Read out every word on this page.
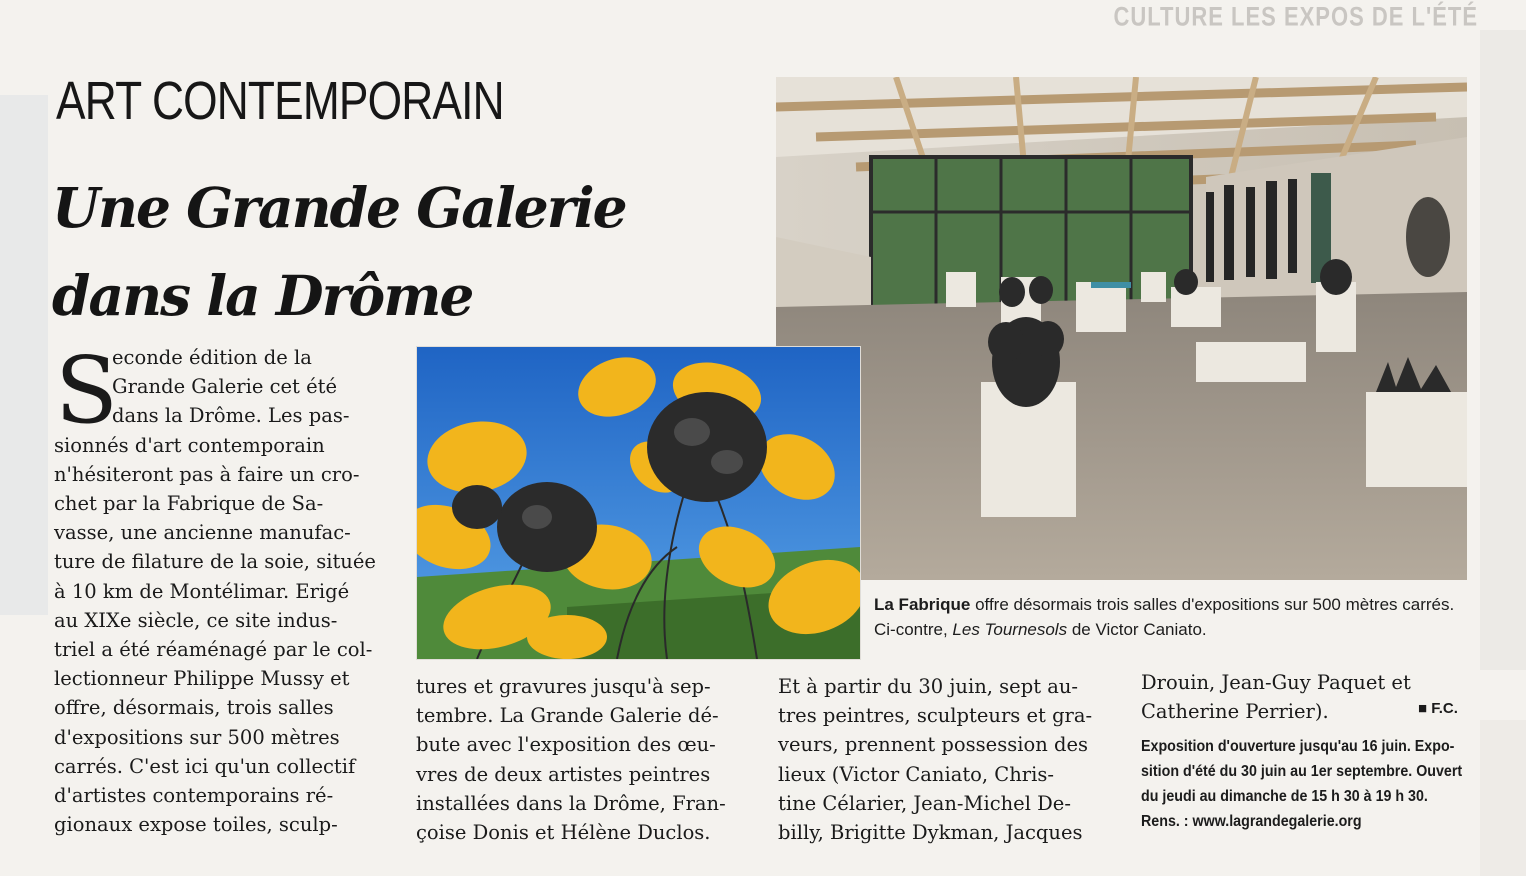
CULTURE LES EXPOS DE L'ÉTÉ
ART CONTEMPORAIN
Une Grande Galerie
dans la Drôme
La Fabrique offre désormais trois salles d'expositions sur 500 mètres carrés. Ci-contre, Les Tournesols de Victor Caniato.
S
econde édition de la
Grande Galerie cet été
dans la Drôme. Les pas-
sionnés d'art contemporain
n'hésiteront pas à faire un cro-
chet par la Fabrique de Sa-
vasse, une ancienne manufac-
ture de filature de la soie, située
à 10 km de Montélimar. Erigé
au XIXe siècle, ce site indus-
triel a été réaménagé par le col-
lectionneur Philippe Mussy et
offre, désormais, trois salles
d'expositions sur 500 mètres
carrés. C'est ici qu'un collectif
d'artistes contemporains ré-
gionaux expose toiles, sculp-
tures et gravures jusqu'à sep-
tembre. La Grande Galerie dé-
bute avec l'exposition des œu-
vres de deux artistes peintres
installées dans la Drôme, Fran-
çoise Donis et Hélène Duclos.
Et à partir du 30 juin, sept au-
tres peintres, sculpteurs et gra-
veurs, prennent possession des
lieux (Victor Caniato, Chris-
tine Célarier, Jean-Michel De-
billy, Brigitte Dykman, Jacques
Drouin, Jean-Guy Paquet et
Catherine Perrier).
■	F.C.
Exposition d'ouverture jusqu'au 16 juin. Expo-
sition d'été du 30 juin au 1er septembre. Ouvert
du jeudi au dimanche de 15 h 30 à 19 h 30.
Rens. : www.lagrandegalerie.org
